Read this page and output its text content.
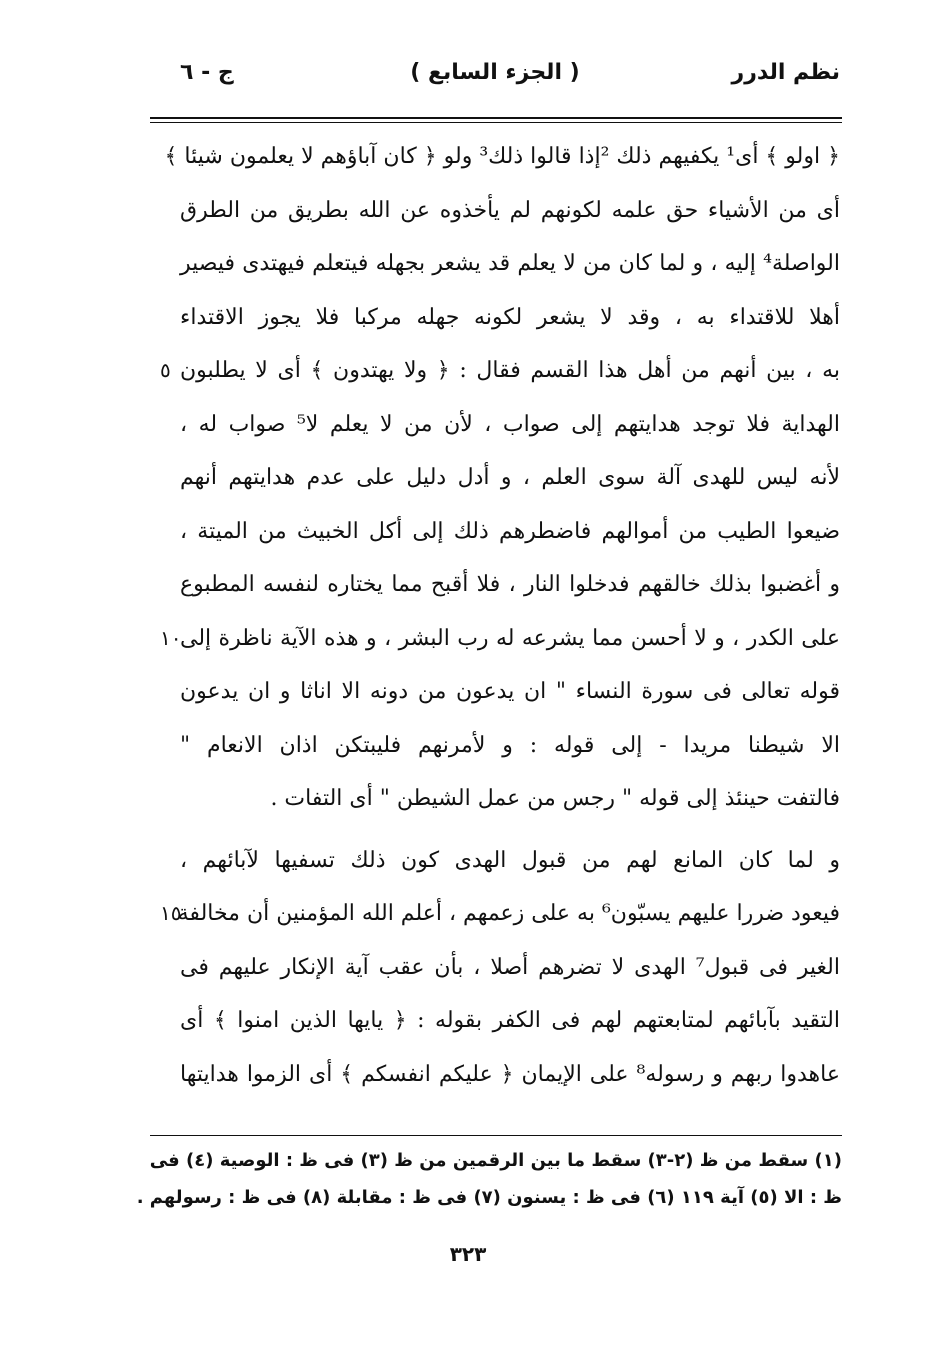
نظم الدرر
( الجزء السابع )
ج - ٦
﴿ اولو ﴾ أى¹ يكفيهم ذلك ²إذا قالوا ذلك³ ولو ﴿ كان آباؤهم لا يعلمون شيئا ﴾
أى من الأشياء حق علمه لكونهم لم يأخذوه عن الله بطريق من الطرق
الواصلة⁴ إليه ، و لما كان من لا يعلم قد يشعر بجهله فيتعلم فيهتدى فيصير
أهلا للاقتداء به ، وقد لا يشعر لكونه جهله مركبا فلا يجوز الاقتداء
به ، بين أنهم من أهل هذا القسم فقال : ﴿ ولا يهتدون ﴾ أى لا يطلبون
٥
الهداية فلا توجد هدايتهم إلى صواب ، لأن من لا يعلم لا⁵ صواب له ،
لأنه ليس للهدى آلة سوى العلم ، و أدل دليل على عدم هدايتهم أنهم
ضيعوا الطيب من أموالهم فاضطرهم ذلك إلى أكل الخبيث من الميتة ،
و أغضبوا بذلك خالقهم فدخلوا النار ، فلا أقبح مما يختاره لنفسه المطبوع
على الكدر ، و لا أحسن مما يشرعه له رب البشر ، و هذه الآية ناظرة إلى
١٠
قوله تعالى فى سورة النساء " ان يدعون من دونه الا اناثا و ان يدعون
الا شيطنا مريدا - إلى قوله : و لأمرنهم فليبتكن اذان الانعام "
فالتفت حينئذ إلى قوله " رجس من عمل الشيطن " أى التفات .
و لما كان المانع لهم من قبول الهدى كون ذلك تسفيها لآبائهم ،
فيعود ضررا عليهم يسبّون⁶ به على زعمهم ، أعلم الله المؤمنين أن مخالفة
١٥
الغير فى قبول⁷ الهدى لا تضرهم أصلا ، بأن عقب آية الإنكار عليهم فى
التقيد بآبائهم لمتابعتهم لهم فى الكفر بقوله : ﴿ يايها الذين امنوا ﴾ أى
عاهدوا ربهم و رسوله⁸ على الإيمان ﴿ عليكم انفسكم ﴾ أى الزموا هدايتها
(١) سقط من ظ (٢-٣) سقط ما بين الرقمين من ظ (٣) فى ظ : الوصية (٤) فى
ظ : الا (٥) آية ١١٩ (٦) فى ظ : يسنون (٧) فى ظ : مقابلة (٨) فى ظ : رسولهم .
٣٢٣
